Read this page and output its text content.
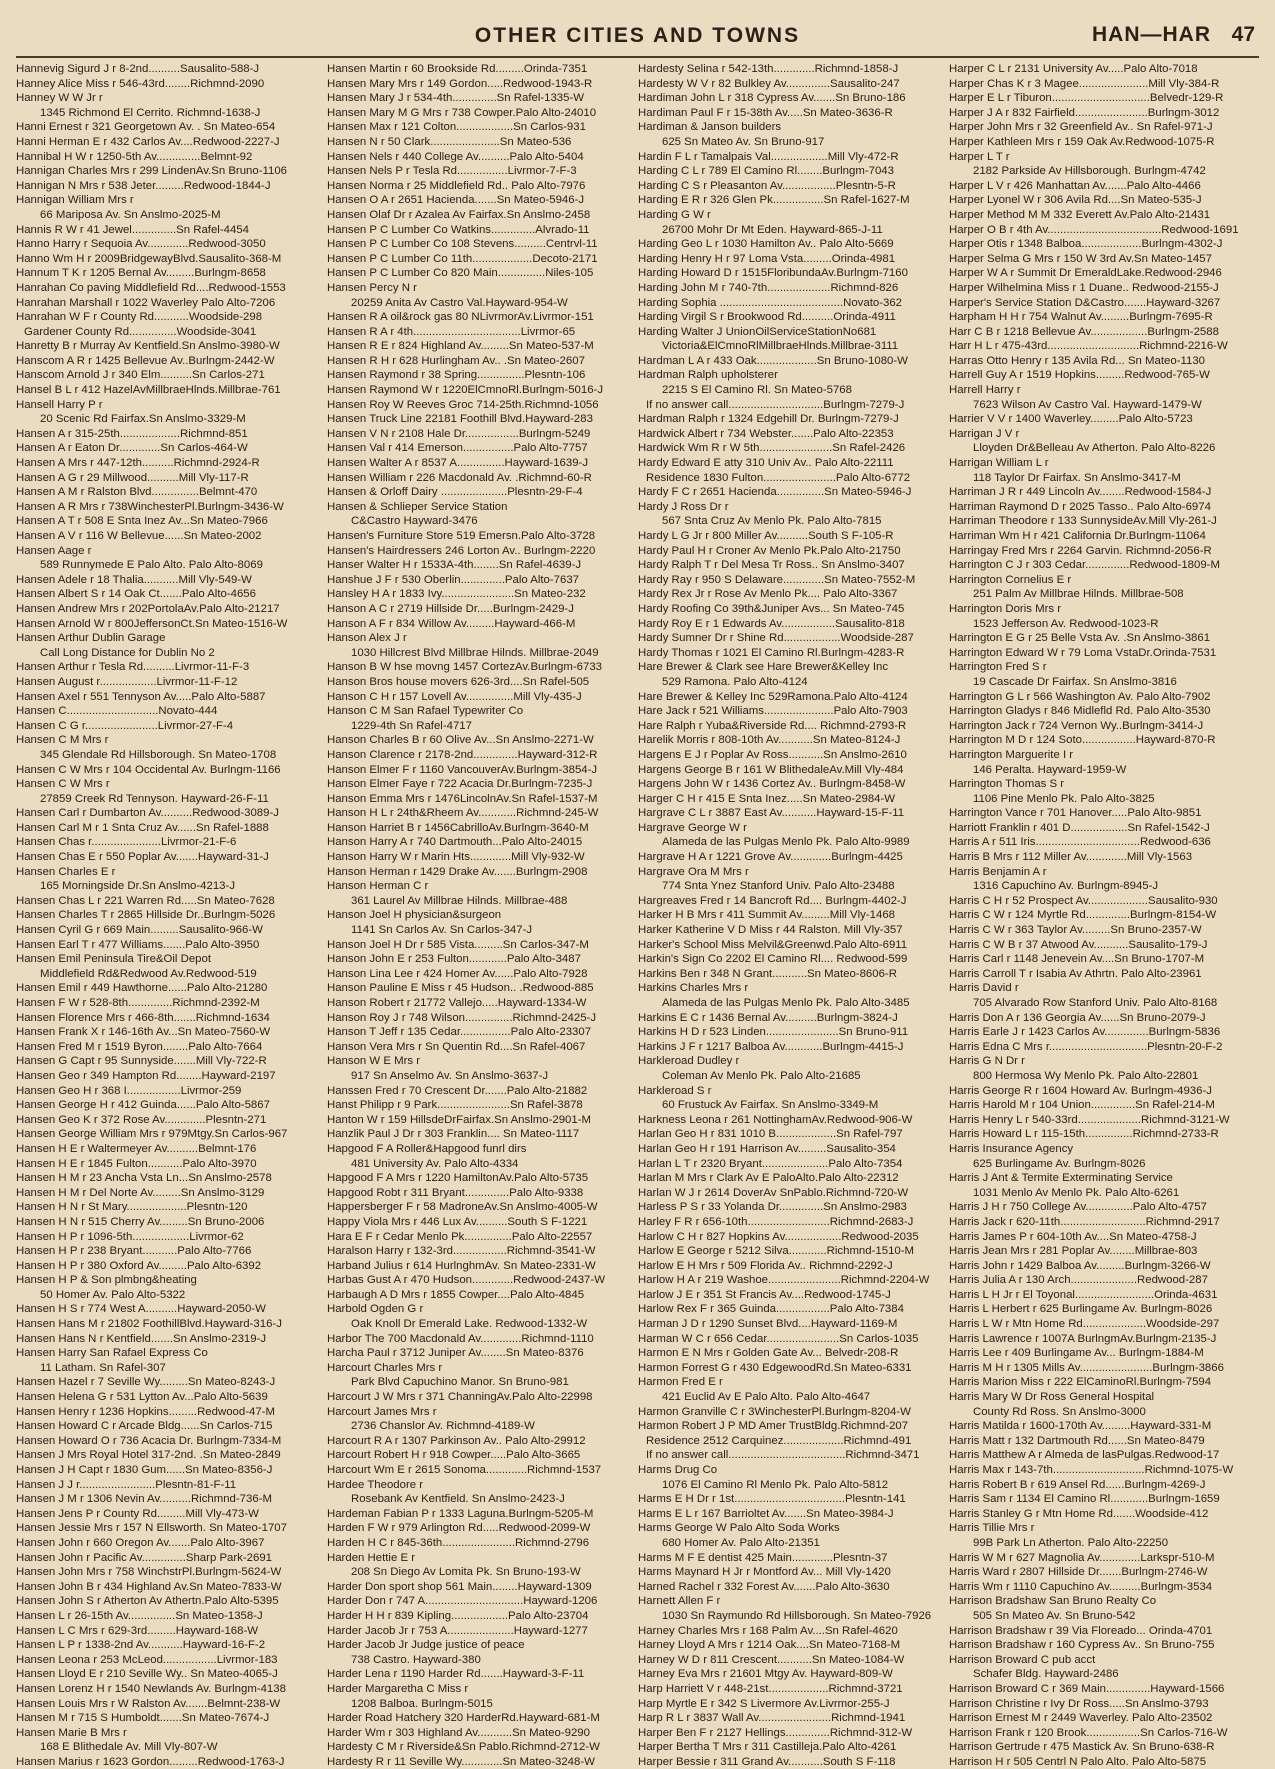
OTHER CITIES AND TOWNS	HAN—HAR 47
Hannevig Sigurd J r 8-2nd..........Sausalito-588-J
Hanney Alice Miss r 546-43rd........Richmnd-2090
Hanney W W Jr r
1345 Richmond El Cerrito. Richmnd-1638-J
Hanni Ernest r 321 Georgetown Av. . Sn Mateo-654
Hanni Herman E r 432 Carlos Av....Redwood-2227-J
Hannibal H W r 1250-5th Av..............Belmnt-92
Hannigan Charles Mrs r 299 LindenAv.Sn Bruno-1106
Hannigan N Mrs r 538 Jeter.........Redwood-1844-J
Hannigan William Mrs r
66 Mariposa Av. Sn Anslmo-2025-M
Hannis R W r 41 Jewel..............Sn Rafel-4454
Hanno Harry r Sequoia Av.............Redwood-3050
Hanno Wm H r 2009BridgewayBlvd.Sausalito-368-M
Hannum T K r 1205 Bernal Av.........Burlngm-8658
Hanrahan Co paving Middlefield Rd....Redwood-1553
Hanrahan Marshall r 1022 Waverley Palo Alto-7206
Hanrahan W F r County Rd...........Woodside-298
Gardener County Rd...............Woodside-3041
Hanretty B r Murray Av Kentfield.Sn Anslmo-3980-W
Hanscom A R r 1425 Bellevue Av..Burlngm-2442-W
Hanscom Arnold J r 340 Elm..........Sn Carlos-271
Hansel B L r 412 HazelAvMillbraeHlnds.Millbrae-761
Hansell Harry P r
20 Scenic Rd Fairfax.Sn Anslmo-3329-M
Hansen A r 315-25th...................Richmnd-851
Hansen A r Eaton Dr.............Sn Carlos-464-W
Hansen A Mrs r 447-12th..........Richmnd-2924-R
Hansen A G r 29 Millwood..........Mill Vly-117-R
Hansen A M r Ralston Blvd...............Belmnt-470
Hansen A R Mrs r 738WinchesterPl.Burlngm-3436-W
Hansen A T r 508 E Snta Inez Av...Sn Mateo-7966
Hansen A V r 116 W Bellevue......Sn Mateo-2002
Hansen Aage r
589 Runnymede E Palo Alto. Palo Alto-8069
Hansen Adele r 18 Thalia...........Mill Vly-549-W
Hansen Albert S r 14 Oak Ct.......Palo Alto-4656
Hansen Andrew Mrs r 202PortolaAv.Palo Alto-21217
Hansen Arnold W r 800JeffersonCt.Sn Mateo-1516-W
Hansen Arthur Dublin Garage
Call Long Distance for Dublin No 2
Hansen Arthur r Tesla Rd..........Livrmor-11-F-3
Hansen August r..................Livrmor-11-F-12
Hansen Axel r 551 Tennyson Av.....Palo Alto-5887
Hansen C.............................Novato-444
Hansen C G r.......................Livrmor-27-F-4
Hansen C M Mrs r
345 Glendale Rd Hillsborough. Sn Mateo-1708
Hansen C W Mrs r 104 Occidental Av. Burlngm-1166
Hansen C W Mrs r
27859 Creek Rd Tennyson. Hayward-26-F-11
Hansen Carl r Dumbarton Av..........Redwood-3089-J
Hansen Carl M r 1 Snta Cruz Av......Sn Rafel-1888
Hansen Chas r......................Livrmor-21-F-6
Hansen Chas E r 550 Poplar Av.......Hayward-31-J
Hansen Charles E r
165 Morningside Dr.Sn Anslmo-4213-J
Hansen Chas L r 221 Warren Rd.....Sn Mateo-7628
Hansen Charles T r 2865 Hillside Dr..Burlngm-5026
Hansen Cyril G r 669 Main.........Sausalito-966-W
Hansen Earl T r 477 Williams.......Palo Alto-3950
Hansen Emil Peninsula Tire&Oil Depot
Middlefield Rd&Redwood Av.Redwood-519
Hansen Emil r 449 Hawthorne......Palo Alto-21280
Hansen F W r 528-8th..............Richmnd-2392-M
Hansen Florence Mrs r 466-8th.......Richmnd-1634
Hansen Frank X r 146-16th Av...Sn Mateo-7560-W
Hansen Fred M r 1519 Byron........Palo Alto-7664
Hansen G Capt r 95 Sunnyside.......Mill Vly-722-R
Hansen Geo r 349 Hampton Rd........Hayward-2197
Hansen Geo H r 368 I.................Livrmor-259
Hansen George H r 412 Guinda......Palo Alto-5867
Hansen Geo K r 372 Rose Av.............Plesntn-271
Hansen George William Mrs r 979Mtgy.Sn Carlos-967
Hansen H E r Waltermeyer Av..........Belmnt-176
Hansen H E r 1845 Fulton...........Palo Alto-3970
Hansen H M r 23 Ancha Vsta Ln...Sn Anslmo-2578
Hansen H M r Del Norte Av.........Sn Anslmo-3129
Hansen H N r St Mary...................Plesntn-120
Hansen H N r 515 Cherry Av.........Sn Bruno-2006
Hansen H P r 1096-5th..................Livrmor-62
Hansen H P r 238 Bryant...........Palo Alto-7766
Hansen H P r 380 Oxford Av.........Palo Alto-6392
Hansen H P & Son plmbng&heating
50 Homer Av. Palo Alto-5322
Hansen H S r 774 West A..........Hayward-2050-W
Hansen Hans M r 21802 FoothillBlvd.Hayward-316-J
Hansen Hans N r Kentfield.......Sn Anslmo-2319-J
Hansen Harry San Rafael Express Co
11 Latham. Sn Rafel-307
Hansen Hazel r 7 Seville Wy.........Sn Mateo-8243-J
Hansen Helena G r 531 Lytton Av...Palo Alto-5639
Hansen Henry r 1236 Hopkins.........Redwood-47-M
Hansen Howard C r Arcade Bldg......Sn Carlos-715
Hansen Howard O r 736 Acacia Dr. Burlngm-7334-M
Hansen J Mrs Royal Hotel 317-2nd. .Sn Mateo-2849
Hansen J H Capt r 1830 Gum......Sn Mateo-8356-J
Hansen J J r........................Plesntn-81-F-11
Hansen J M r 1306 Nevin Av..........Richmnd-736-M
Hansen Jens P r County Rd.........Mill Vly-473-W
Hansen Jessie Mrs r 157 N Ellsworth. Sn Mateo-1707
Hansen John r 660 Oregon Av.......Palo Alto-3967
Hansen John r Pacific Av..............Sharp Park-2691
Hansen John Mrs r 758 WinchstrPl.Burlngm-5624-W
Hansen John B r 434 Highland Av.Sn Mateo-7833-W
Hansen John S r Atherton Av Athertn.Palo Alto-5395
Hansen L r 26-15th Av...............Sn Mateo-1358-J
Hansen L C Mrs r 629-3rd.........Hayward-168-W
Hansen L P r 1338-2nd Av...........Hayward-16-F-2
Hansen Leona r 253 McLeod.................Livrmor-183
Hansen Lloyd E r 210 Seville Wy.. Sn Mateo-4065-J
Hansen Lorenz H r 1540 Newlands Av. Burlngm-4138
Hansen Louis Mrs r W Ralston Av.......Belmnt-238-W
Hansen M r 715 S Humboldt.......Sn Mateo-7674-J
Hansen Marie B Mrs r
168 E Blithedale Av. Mill Vly-807-W
Hansen Marius r 1623 Gordon.........Redwood-1763-J
Hansen Martin r 60 Brookside Rd.........Orinda-7351
Hansen Mary Mrs r 149 Gordon.....Redwood-1943-R
Hansen Mary J r 534-4th..............Sn Rafel-1335-W
Hansen Mary M G Mrs r 738 Cowper.Palo Alto-24010
Hansen Max r 121 Colton..................Sn Carlos-931
Hansen N r 50 Clark......................Sn Mateo-536
Hansen Nels r 440 College Av..........Palo Alto-5404
Hansen Nels P r Tesla Rd................Livrmor-7-F-3
Hansen Norma r 25 Middlefield Rd.. Palo Alto-7976
Hansen O A r 2651 Hacienda.......Sn Mateo-5946-J
Hansen Olaf Dr r Azalea Av Fairfax.Sn Anslmo-2458
Hansen P C Lumber Co Watkins..............Alvrado-11
Hansen P C Lumber Co 108 Stevens..........Centrvl-11
Hansen P C Lumber Co 11th...................Decoto-2171
Hansen P C Lumber Co 820 Main...............Niles-105
Hansen Percy N r
20259 Anita Av Castro Val.Hayward-954-W
Hansen R A oil&rock gas 80 NLivrmorAv.Livrmor-151
Hansen R A r 4th..................................Livrmor-65
Hansen R E r 824 Highland Av.........Sn Mateo-537-M
Hansen R H r 628 Hurlingham Av.. .Sn Mateo-2607
Hansen Raymond r 38 Spring...............Plesntn-106
Hansen Raymond W r 1220ElCmnoRl.Burlngm-5016-J
Hansen Roy W Reeves Groc 714-25th.Richmnd-1056
Hansen Truck Line 22181 Foothill Blvd.Hayward-283
Hansen V N r 2108 Hale Dr.................Burlngm-5249
Hansen Val r 414 Emerson................Palo Alto-7757
Hansen Walter A r 8537 A...............Hayward-1639-J
Hansen William r 226 Macdonald Av. .Richmnd-60-R
Hansen & Orloff Dairy .....................Plesntn-29-F-4
Hansen & Schlieper Service Station
C&Castro Hayward-3476
Hansen's Furniture Store 519 Emersn.Palo Alto-3728
Hansen's Hairdressers 246 Lorton Av.. Burlngm-2220
Hanser Walter H r 1533A-4th........Sn Rafel-4639-J
Hanshue J F r 530 Oberlin..............Palo Alto-7637
Hansley H A r 1833 Ivy.......................Sn Mateo-232
Hanson A C r 2719 Hillside Dr.....Burlngm-2429-J
Hanson A F r 834 Willow Av.........Hayward-466-M
Hanson Alex J r
1030 Hillcrest Blvd Millbrae Hilnds. Millbrae-2049
Hanson B W hse movng 1457 CortezAv.Burlngm-6733
Hanson Bros house movers 626-3rd....Sn Rafel-505
Hanson C H r 157 Lovell Av...............Mill Vly-435-J
Hanson C M San Rafael Typewriter Co
1229-4th Sn Rafel-4717
Hanson Charles B r 60 Olive Av...Sn Anslmo-2271-W
Hanson Clarence r 2178-2nd..............Hayward-312-R
Hanson Elmer F r 1160 VancouverAv.Burlngm-3854-J
Hanson Elmer Faye r 722 Acacia Dr.Burlngm-7235-J
Hanson Emma Mrs r 1476LincolnAv.Sn Rafel-1537-M
Hanson H L r 24th&Rheem Av............Richmnd-245-W
Hanson Harriet B r 1456CabrilloAv.Burlngm-3640-M
Hanson Harry A r 740 Dartmouth...Palo Alto-24015
Hanson Harry W r Marin Hts.............Mill Vly-932-W
Hanson Herman r 1429 Drake Av.......Burlngm-2908
Hanson Herman C r
361 Laurel Av Millbrae Hilnds. Millbrae-488
Hanson Joel H physician&surgeon
1141 Sn Carlos Av. Sn Carlos-347-J
Hanson Joel H Dr r 585 Vista.........Sn Carlos-347-M
Hanson John E r 253 Fulton............Palo Alto-3487
Hanson Lina Lee r 424 Homer Av......Palo Alto-7928
Hanson Pauline E Miss r 45 Hudson.. .Redwood-885
Hanson Robert r 21772 Vallejo.....Hayward-1334-W
Hanson Roy J r 748 Wilson...............Richmnd-2425-J
Hanson T Jeff r 135 Cedar................Palo Alto-23307
Hanson Vera Mrs r Sn Quentin Rd....Sn Rafel-4067
Hanson W E Mrs r
917 Sn Anselmo Av. Sn Anslmo-3637-J
Hanssen Fred r 70 Crescent Dr.......Palo Alto-21882
Hanst Philipp r 9 Park.......................Sn Rafel-3878
Hanton W r 159 HillsdeDrFairfax.Sn Anslmo-2901-M
Hanzlik Paul J Dr r 303 Franklin.... Sn Mateo-1117
Hapgood F A Roller&Hapgood funrl dirs
481 University Av. Palo Alto-4334
Hapgood F A Mrs r 1220 HamiltonAv.Palo Alto-5735
Hapgood Robt r 311 Bryant..............Palo Alto-9338
Happersberger F r 58 MadroneAv.Sn Anslmo-4005-W
Happy Viola Mrs r 446 Lux Av..........South S F-1221
Hara E F r Cedar Menlo Pk...............Palo Alto-22557
Haralson Harry r 132-3rd.................Richmnd-3541-W
Harband Julius r 614 HurlnghmAv. Sn Mateo-2331-W
Harbas Gust A r 470 Hudson.............Redwood-2437-W
Harbaugh A D Mrs r 1855 Cowper....Palo Alto-4845
Harbold Ogden G r
Oak Knoll Dr Emerald Lake. Redwood-1332-W
Harbor The 700 Macdonald Av.............Richmnd-1110
Harcha Paul r 3712 Juniper Av........Sn Mateo-8376
Harcourt Charles Mrs r
Park Blvd Capuchino Manor. Sn Bruno-981
Harcourt J W Mrs r 371 ChanningAv.Palo Alto-22998
Harcourt James Mrs r
2736 Chanslor Av. Richmnd-4189-W
Harcourt R A r 1307 Parkinson Av.. Palo Alto-29912
Harcourt Robert H r 918 Cowper.....Palo Alto-3665
Harcourt Wm E r 2615 Sonoma.............Richmnd-1537
Hardee Theodore r
Rosebank Av Kentfield. Sn Anslmo-2423-J
Hardeman Fabian P r 1333 Laguna.Burlngm-5205-M
Harden F W r 979 Arlington Rd.....Redwood-2099-W
Harden H C r 845-36th.......................Richmnd-2796
Harden Hettie E r
208 Sn Diego Av Lomita Pk. Sn Bruno-193-W
Harder Don sport shop 561 Main........Hayward-1309
Harder Don r 747 A...............................Hayward-1206
Harder H H r 839 Kipling..................Palo Alto-23704
Harder Jacob Jr r 753 A.....................Hayward-1277
Harder Jacob Jr Judge justice of peace
738 Castro. Hayward-380
Harder Lena r 1190 Harder Rd.......Hayward-3-F-11
Harder Margaretha C Miss r
1208 Balboa. Burlngm-5015
Harder Road Hatchery 320 HarderRd.Hayward-681-M
Harder Wm r 303 Highland Av...........Sn Mateo-9290
Hardesty C M r Riverside&Sn Pablo.Richmnd-2712-W
Hardesty R r 11 Seville Wy.............Sn Mateo-3248-W
Hardesty Selina r 542-13th.............Richmnd-1858-J
Hardesty W V r 82 Bulkley Av..............Sausalito-247
Hardiman John L r 318 Cypress Av.......Sn Bruno-186
Hardiman Paul F r 15-38th Av.....Sn Mateo-3636-R
Hardiman & Janson builders
625 Sn Mateo Av. Sn Bruno-917
Hardin F L r Tamalpais Val..................Mill Vly-472-R
Harding C L r 789 El Camino Rl........Burlngm-7043
Harding C S r Pleasanton Av.................Plesntn-5-R
Harding E R r 326 Glen Pk................Sn Rafel-1627-M
Harding G W r
26700 Mohr Dr Mt Eden. Hayward-865-J-11
Harding Geo L r 1030 Hamilton Av.. Palo Alto-5669
Harding Henry H r 97 Loma Vsta.........Orinda-4981
Harding Howard D r 1515FloribundaAv.Burlngm-7160
Harding John M r 740-7th....................Richmnd-826
Harding Sophia .......................................Novato-362
Harding Virgil S r Brookwood Rd..........Orinda-4911
Harding Walter J UnionOilServiceStationNo681
Victoria&ElCmnoRlMillbraeHlnds.Millbrae-3111
Hardman L A r 433 Oak...................Sn Bruno-1080-W
Hardman Ralph upholsterer
2215 S El Camino Rl. Sn Mateo-5768
If no answer call..............................Burlngm-7279-J
Hardman Ralph r 1324 Edgehill Dr. Burlngm-7279-J
Hardwick Albert r 734 Webster.......Palo Alto-22353
Hardwick Wm R r W 5th.......................Sn Rafel-2426
Hardy Edward E atty 310 Univ Av.. Palo Alto-22111
Residence 1830 Fulton.......................Palo Alto-6772
Hardy F C r 2651 Hacienda...............Sn Mateo-5946-J
Hardy J Ross Dr r
567 Snta Cruz Av Menlo Pk. Palo Alto-7815
Hardy L G Jr r 800 Miller Av..........South S F-105-R
Hardy Paul H r Croner Av Menlo Pk.Palo Alto-21750
Hardy Ralph T r Del Mesa Tr Ross.. Sn Anslmo-3407
Hardy Ray r 950 S Delaware.............Sn Mateo-7552-M
Hardy Rex Jr r Rose Av Menlo Pk.... Palo Alto-3367
Hardy Roofing Co 39th&Juniper Avs... Sn Mateo-745
Hardy Roy E r 1 Edwards Av.................Sausalito-818
Hardy Sumner Dr r Shine Rd..................Woodside-287
Hardy Thomas r 1021 El Camino Rl.Burlngm-4283-R
Hare Brewer & Clark see Hare Brewer&Kelley Inc
529 Ramona. Palo Alto-4124
Hare Brewer & Kelley Inc 529Ramona.Palo Alto-4124
Hare Jack r 521 Williams......................Palo Alto-7903
Hare Ralph r Yuba&Riverside Rd.... Richmnd-2793-R
Harelik Morris r 808-10th Av...........Sn Mateo-8124-J
Hargens E J r Poplar Av Ross...........Sn Anslmo-2610
Hargens George B r 161 W BlithedaleAv.Mill Vly-484
Hargens John W r 1436 Cortez Av.. Burlngm-8458-W
Harger C H r 415 E Snta Inez.....Sn Mateo-2984-W
Hargrave C L r 3887 East Av...........Hayward-15-F-11
Hargrave George W r
Alameda de las Pulgas Menlo Pk. Palo Alto-9989
Hargrave H A r 1221 Grove Av.............Burlngm-4425
Hargrave Ora M Mrs r
774 Snta Ynez Stanford Univ. Palo Alto-23488
Hargreaves Fred r 14 Bancroft Rd.... Burlngm-4402-J
Harker H B Mrs r 411 Summit Av.........Mill Vly-1468
Harker Katherine V D Miss r 44 Ralston. Mill Vly-357
Harker's School Miss Melvil&Greenwd.Palo Alto-6911
Harkin's Sign Co 2202 El Camino Rl.... Redwood-599
Harkins Ben r 348 N Grant...........Sn Mateo-8606-R
Harkins Charles Mrs r
Alameda de las Pulgas Menlo Pk. Palo Alto-3485
Harkins E C r 1436 Bernal Av..........Burlngm-3824-J
Harkins H D r 523 Linden.......................Sn Bruno-911
Harkins J F r 1217 Balboa Av............Burlngm-4415-J
Harkleroad Dudley r
Coleman Av Menlo Pk. Palo Alto-21685
Harkleroad S r
60 Frustuck Av Fairfax. Sn Anslmo-3349-M
Harkness Leona r 261 NottinghamAv.Redwood-906-W
Harlan Geo H r 831 1010 B...................Sn Rafel-797
Harlan Geo H r 191 Harrison Av.........Sausalito-354
Harlan L T r 2320 Bryant.....................Palo Alto-7354
Harlan M Mrs r Clark Av E PaloAlto.Palo Alto-22312
Harlan W J r 2614 DoverAv SnPablo.Richmnd-720-W
Harless P S r 33 Yolanda Dr..............Sn Anslmo-2983
Harley F R r 656-10th..........................Richmnd-2683-J
Harlow C H r 827 Hopkins Av..................Redwood-2035
Harlow E George r 5212 Silva............Richmnd-1510-M
Harlow E H Mrs r 509 Florida Av.. Richmnd-2292-J
Harlow H A r 219 Washoe.......................Richmnd-2204-W
Harlow J E r 351 St Francis Av....Redwood-1745-J
Harlow Rex F r 365 Guinda.................Palo Alto-7384
Harman J D r 1290 Sunset Blvd....Hayward-1169-M
Harman W C r 656 Cedar.......................Sn Carlos-1035
Harmon E N Mrs r Golden Gate Av... Belvedr-208-R
Harmon Forrest G r 430 EdgewoodRd.Sn Mateo-6331
Harmon Fred E r
421 Euclid Av E Palo Alto. Palo Alto-4647
Harmon Granville C r 3WinchesterPl.Burlngm-8204-W
Harmon Robert J P MD Amer TrustBldg.Richmnd-207
Residence 2512 Carquinez...................Richmnd-491
If no answer call.....................................Richmnd-3471
Harms Drug Co
1076 El Camino Rl Menlo Pk. Palo Alto-5812
Harms E H Dr r 1st...................................Plesntn-141
Harms E L r 167 Barrioltet Av.......Sn Mateo-3984-J
Harms George W Palo Alto Soda Works
680 Homer Av. Palo Alto-21351
Harms M F E dentist 425 Main.............Plesntn-37
Harms Maynard H Jr r Montford Av... Mill Vly-1420
Harned Rachel r 332 Forest Av.......Palo Alto-3630
Harnett Allen F r
1030 Sn Raymundo Rd Hillsborough. Sn Mateo-7926
Harney Charles Mrs r 168 Palm Av....Sn Rafel-4620
Harney Lloyd A Mrs r 1214 Oak....Sn Mateo-7168-M
Harney W D r 811 Crescent...........Sn Mateo-1084-W
Harney Eva Mrs r 21601 Mtgy Av. Hayward-809-W
Harp Harriett V r 448-21st...................Richmnd-3721
Harp Myrtle E r 342 S Livermore Av.Livrmor-255-J
Harp R L r 3837 Wall Av.......................Richmnd-1941
Harper Ben F r 2127 Hellings..............Richmnd-312-W
Harper Bertha T Mrs r 311 Castilleja.Palo Alto-4261
Harper Bessie r 311 Grand Av...........South S F-118
Harper C L r 2131 University Av.....Palo Alto-7018
Harper Chas K r 3 Magee......................Mill Vly-384-R
Harper E L r Tiburon...............................Belvedr-129-R
Harper J A r 832 Fairfield.......................Burlngm-3012
Harper John Mrs r 32 Greenfield Av.. Sn Rafel-971-J
Harper Kathleen Mrs r 159 Oak Av.Redwood-1075-R
Harper L T r
2182 Parkside Av Hillsborough. Burlngm-4742
Harper L V r 426 Manhattan Av.......Palo Alto-4466
Harper Lyonel W r 306 Avila Rd....Sn Mateo-535-J
Harper Method M M 332 Everett Av.Palo Alto-21431
Harper O B r 4th Av....................................Redwood-1691
Harper Otis r 1348 Balboa...................Burlngm-4302-J
Harper Selma G Mrs r 150 W 3rd Av.Sn Mateo-1457
Harper W A r Summit Dr EmeraldLake.Redwood-2946
Harper Wilhelmina Miss r 1 Duane.. Redwood-2155-J
Harper's Service Station D&Castro.......Hayward-3267
Harpham H H r 754 Walnut Av.........Burlngm-7695-R
Harr C B r 1218 Bellevue Av..................Burlngm-2588
Harr H L r 475-43rd.............................Richmnd-2216-W
Harras Otto Henry r 135 Avila Rd... Sn Mateo-1130
Harrell Guy A r 1519 Hopkins.........Redwood-765-W
Harrell Harry r
7623 Wilson Av Castro Val. Hayward-1479-W
Harrier V V r 1400 Waverley.........Palo Alto-5723
Harrigan J V r
Lloyden Dr&Belleau Av Atherton. Palo Alto-8226
Harrigan William L r
118 Taylor Dr Fairfax. Sn Anslmo-3417-M
Harriman J R r 449 Lincoln Av........Redwood-1584-J
Harriman Raymond D r 2025 Tasso.. Palo Alto-6974
Harriman Theodore r 133 SunnysideAv.Mill Vly-261-J
Harriman Wm H r 421 California Dr.Burlngm-11064
Harringay Fred Mrs r 2264 Garvin. Richmnd-2056-R
Harrington C J r 303 Cedar..............Redwood-1809-M
Harrington Cornelius E r
251 Palm Av Millbrae Hilnds. Millbrae-508
Harrington Doris Mrs r
1523 Jefferson Av. Redwood-1023-R
Harrington E G r 25 Belle Vsta Av. .Sn Anslmo-3861
Harrington Edward W r 79 Loma VstaDr.Orinda-7531
Harrington Fred S r
19 Cascade Dr Fairfax. Sn Anslmo-3816
Harrington G L r 566 Washington Av. Palo Alto-7902
Harrington Gladys r 846 Midlefld Rd. Palo Alto-3530
Harrington Jack r 724 Vernon Wy..Burlngm-3414-J
Harrington M D r 124 Soto.................Hayward-870-R
Harrington Marguerite I r
146 Peralta. Hayward-1959-W
Harrington Thomas S r
1106 Pine Menlo Pk. Palo Alto-3825
Harrington Vance r 701 Hanover.....Palo Alto-9851
Harriott Franklin r 401 D..................Sn Rafel-1542-J
Harris A r 511 Iris.................................Redwood-636
Harris B Mrs r 112 Miller Av.............Mill Vly-1563
Harris Benjamin A r
1316 Capuchino Av. Burlngm-8945-J
Harris C H r 52 Prospect Av...................Sausalito-930
Harris C W r 124 Myrtle Rd..............Burlngm-8154-W
Harris C W r 363 Taylor Av.........Sn Bruno-2357-W
Harris C W B r 37 Atwood Av...........Sausalito-179-J
Harris Carl r 1148 Jenevein Av....Sn Bruno-1707-M
Harris Carroll T r Isabia Av Athrtn. Palo Alto-23961
Harris David r
705 Alvarado Row Stanford Univ. Palo Alto-8168
Harris Don A r 136 Georgia Av......Sn Bruno-2079-J
Harris Earle J r 1423 Carlos Av..............Burlngm-5836
Harris Edna C Mrs r...............................Plesntn-20-F-2
Harris G N Dr r
800 Hermosa Wy Menlo Pk. Palo Alto-22801
Harris George R r 1604 Howard Av. Burlngm-4936-J
Harris Harold M r 104 Union..............Sn Rafel-214-M
Harris Henry L r 540-33rd....................Richmnd-3121-W
Harris Howard L r 115-15th...............Richmnd-2733-R
Harris Insurance Agency
625 Burlingame Av. Burlngm-8026
Harris J Ant & Termite Exterminating Service
1031 Menlo Av Menlo Pk. Palo Alto-6261
Harris J H r 750 College Av...............Palo Alto-4757
Harris Jack r 620-11th...........................Richmnd-2917
Harris James P r 604-10th Av....Sn Mateo-4758-J
Harris Jean Mrs r 281 Poplar Av........Millbrae-803
Harris John r 1429 Balboa Av.........Burlngm-3266-W
Harris Julia A r 130 Arch.....................Redwood-287
Harris L H Jr r El Toyonal.........................Orinda-4631
Harris L Herbert r 625 Burlingame Av. Burlngm-8026
Harris L W r Mtn Home Rd....................Woodside-297
Harris Lawrence r 1007A BurlngmAv.Burlngm-2135-J
Harris Lee r 409 Burlingame Av... Burlngm-1884-M
Harris M H r 1305 Mills Av.......................Burlngm-3866
Harris Marion Miss r 222 ElCaminoRl.Burlngm-7594
Harris Mary W Dr Ross General Hospital
County Rd Ross. Sn Anslmo-3000
Harris Matilda r 1600-170th Av.........Hayward-331-M
Harris Matt r 132 Dartmouth Rd......Sn Mateo-8479
Harris Matthew A r Almeda de lasPulgas.Redwood-17
Harris Max r 143-7th.............................Richmnd-1075-W
Harris Robert B r 619 Ansel Rd......Burlngm-4269-J
Harris Sam r 1134 El Camino Rl............Burlngm-1659
Harris Stanley G r Mtn Home Rd.......Woodside-412
Harris Tillie Mrs r
99B Park Ln Atherton. Palo Alto-22250
Harris W M r 627 Magnolia Av.............Larkspr-510-M
Harris Ward r 2807 Hillside Dr.......Burlngm-2746-W
Harris Wm r 1110 Capuchino Av..........Burlngm-3534
Harrison Bradshaw San Bruno Realty Co
505 Sn Mateo Av. Sn Bruno-542
Harrison Bradshaw r 39 Via Floreado... Orinda-4701
Harrison Bradshaw r 160 Cypress Av.. Sn Bruno-755
Harrison Broward C pub acct
Schafer Bldg. Hayward-2486
Harrison Broward C r 369 Main..............Hayward-1566
Harrison Christine r Ivy Dr Ross.....Sn Anslmo-3793
Harrison Ernest M r 2449 Waverley. Palo Alto-23502
Harrison Frank r 120 Brook.................Sn Carlos-716-W
Harrison Gertrude r 475 Mastick Av. Sn Bruno-638-R
Harrison H r 505 Centrl N Palo Alto. Palo Alto-5875
